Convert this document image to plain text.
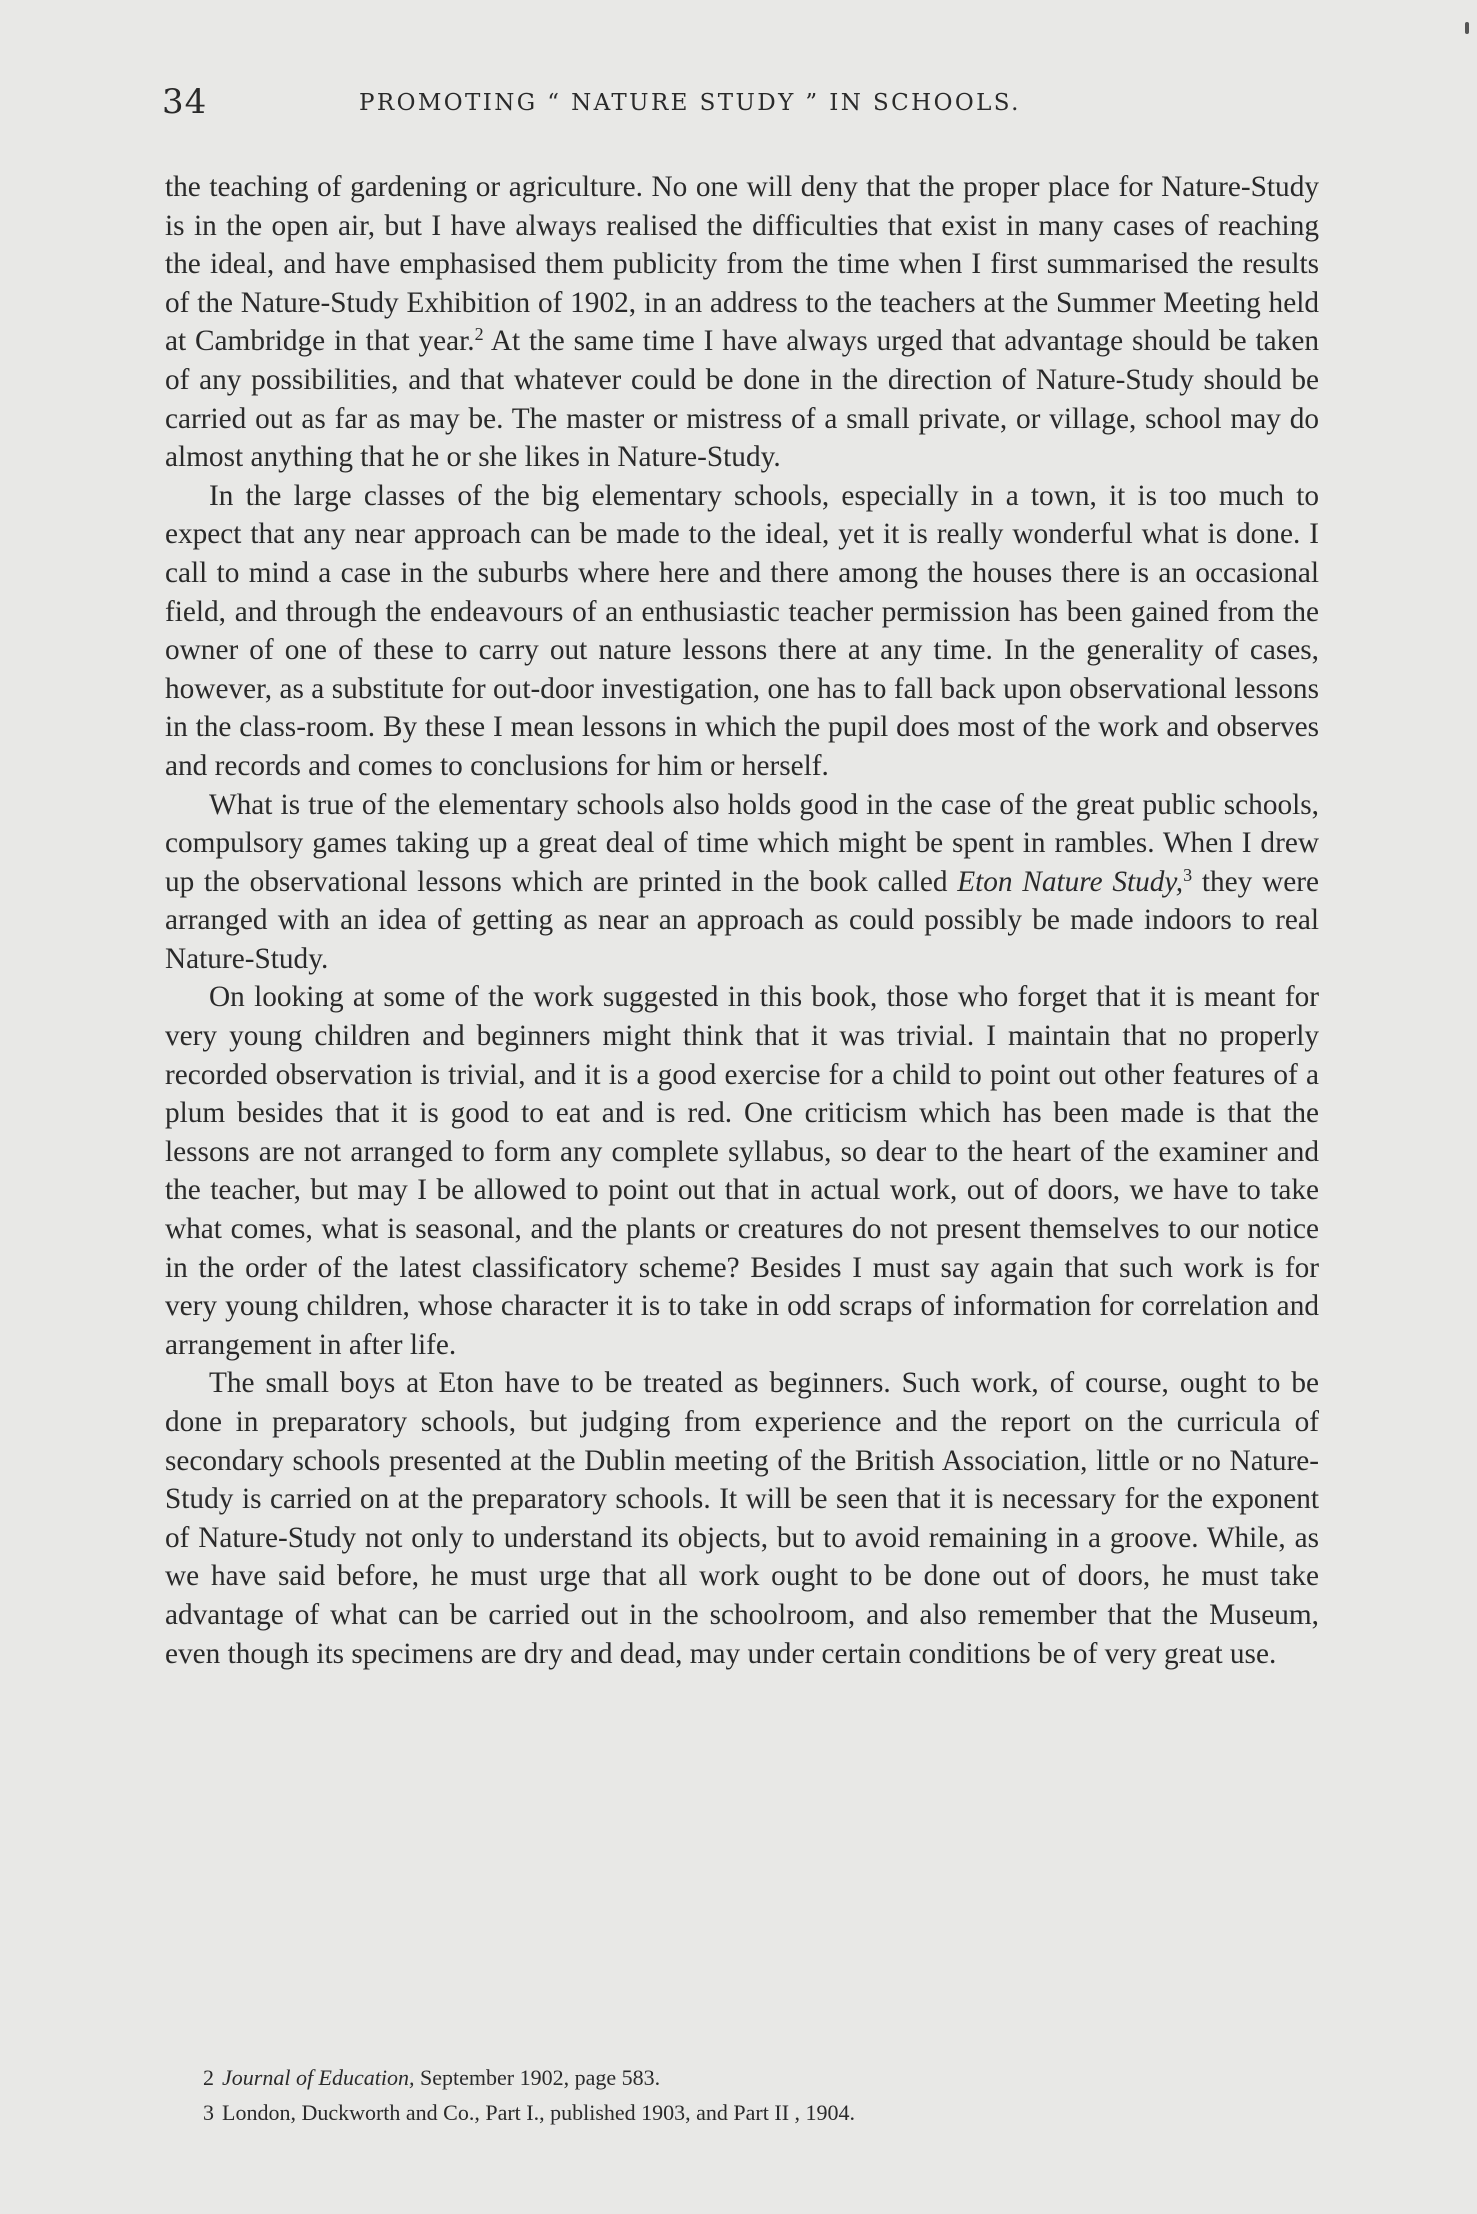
34	PROMOTING “ NATURE STUDY ” IN SCHOOLS.

the teaching of gardening or agriculture. No one will deny that the proper place for Nature-Study is in the open air, but I have always realised the difficulties that exist in many cases of reaching the ideal, and have emphasised them publicity from the time when I first summarised the results of the Nature-Study Exhibition of 1902, in an address to the teachers at the Summer Meeting held at Cambridge in that year.$^2$ At the same time I have always urged that advantage should be taken of any possibilities, and that whatever could be done in the direction of Nature-Study should be carried out as far as may be. The master or mistress of a small private, or village, school may do almost anything that he or she likes in Nature-Study.

In the large classes of the big elementary schools, especially in a town, it is too much to expect that any near approach can be made to the ideal, yet it is really wonderful what is done. I call to mind a case in the suburbs where here and there among the houses there is an occasional field, and through the endeavours of an enthusiastic teacher permission has been gained from the owner of one of these to carry out nature lessons there at any time. In the generality of cases, however, as a substitute for out-door investigation, one has to fall back upon observational lessons in the class-room. By these I mean lessons in which the pupil does most of the work and observes and records and comes to conclusions for him or herself.

What is true of the elementary schools also holds good in the case of the great public schools, compulsory games taking up a great deal of time which might be spent in rambles. When I drew up the observational lessons which are printed in the book called Eton Nature Study,$^3$ they were arranged with an idea of getting as near an approach as could possibly be made indoors to real Nature-Study.

On looking at some of the work suggested in this book, those who forget that it is meant for very young children and beginners might think that it was trivial. I maintain that no properly recorded observation is trivial, and it is a good exercise for a child to point out other features of a plum besides that it is good to eat and is red. One criticism which has been made is that the lessons are not arranged to form any complete syllabus, so dear to the heart of the examiner and the teacher, but may I be allowed to point out that in actual work, out of doors, we have to take what comes, what is seasonal, and the plants or creatures do not present themselves to our notice in the order of the latest classificatory scheme? Besides I must say again that such work is for very young children, whose character it is to take in odd scraps of information for correlation and arrangement in after life.

The small boys at Eton have to be treated as beginners. Such work, of course, ought to be done in preparatory schools, but judging from experience and the report on the curricula of secondary schools presented at the Dublin meeting of the British Association, little or no Nature-Study is carried on at the preparatory schools. It will be seen that it is necessary for the exponent of Nature-Study not only to understand its objects, but to avoid remaining in a groove. While, as we have said before, he must urge that all work ought to be done out of doors, he must take advantage of what can be carried out in the schoolroom, and also remember that the Museum, even though its specimens are dry and dead, may under certain conditions be of very great use.

2 Journal of Education, September 1902, page 583.

3 London, Duckworth and Co., Part I., published 1903, and Part II , 1904.
